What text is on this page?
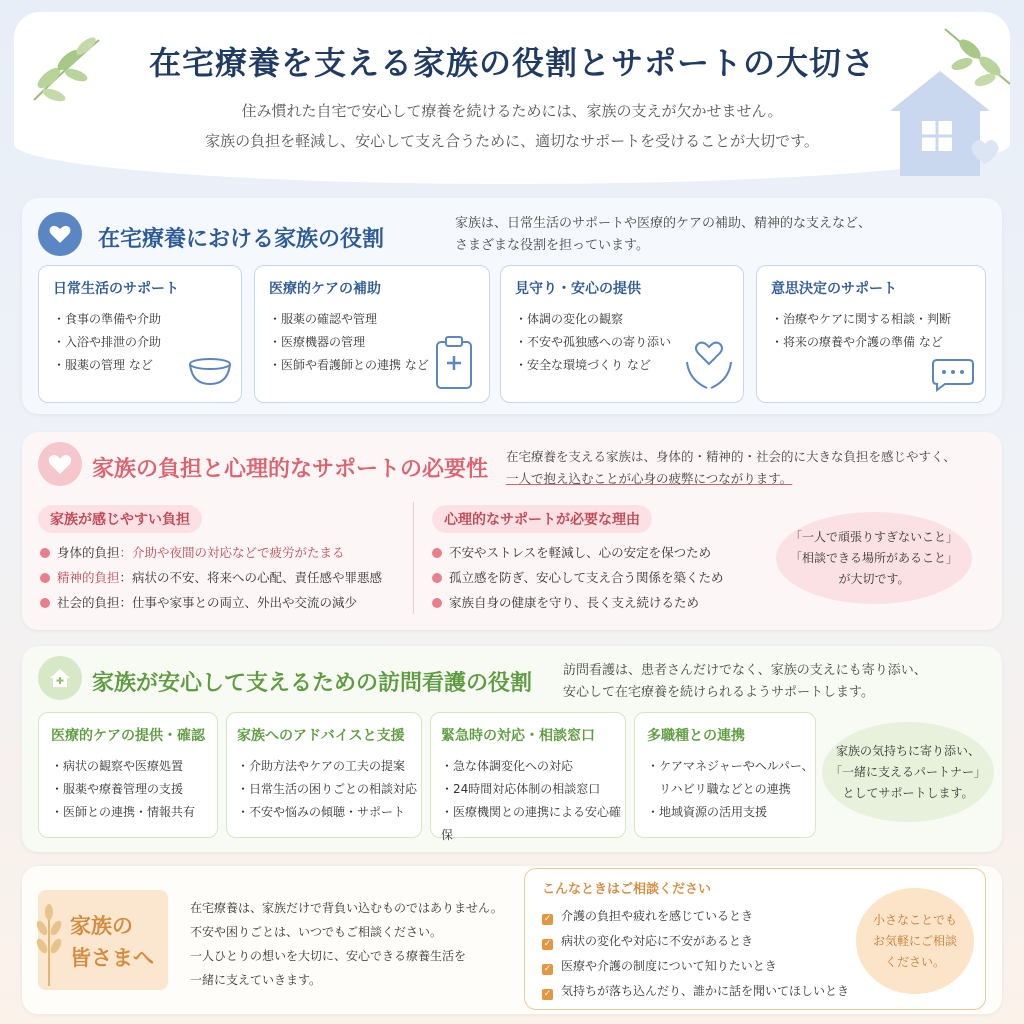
在宅療養を支える家族の役割とサポートの大切さ
住み慣れた自宅で安心して療養を続けるためには、家族の支えが欠かせません。
家族の負担を軽減し、安心して支え合うために、適切なサポートを受けることが大切です。
在宅療養における家族の役割
家族は、日常生活のサポートや医療的ケアの補助、精神的な支えなど、
さまざまな役割を担っています。
日常生活のサポート
・食事の準備や介助
・入浴や排泄の介助
・服薬の管理 など
医療的ケアの補助
・服薬の確認や管理
・医療機器の管理
・医師や看護師との連携 など
見守り・安心の提供
・体調の変化の観察
・不安や孤独感への寄り添い
・安全な環境づくり など
意思決定のサポート
・治療やケアに関する相談・判断
・将来の療養や介護の準備 など
家族の負担と心理的なサポートの必要性
在宅療養を支える家族は、身体的・精神的・社会的に大きな負担を感じやすく、
一人で抱え込むことが心身の疲弊につながります。
家族が感じやすい負担
身体的負担：介助や夜間の対応などで疲労がたまる
精神的負担：病状の不安、将来への心配、責任感や罪悪感
社会的負担：仕事や家事との両立、外出や交流の減少
心理的なサポートが必要な理由
不安やストレスを軽減し、心の安定を保つため
孤立感を防ぎ、安心して支え合う関係を築くため
家族自身の健康を守り、長く支え続けるため
「一人で頑張りすぎないこと」
「相談できる場所があること」
が大切です。
家族が安心して支えるための訪問看護の役割
訪問看護は、患者さんだけでなく、家族の支えにも寄り添い、
安心して在宅療養を続けられるようサポートします。
医療的ケアの提供・確認
・病状の観察や医療処置
・服薬や療養管理の支援
・医師との連携・情報共有
家族へのアドバイスと支援
・介助方法やケアの工夫の提案
・日常生活の困りごとの相談対応
・不安や悩みの傾聴・サポート
緊急時の対応・相談窓口
・急な体調変化への対応
・24時間対応体制の相談窓口
・医療機関との連携による安心確保
多職種との連携
・ケアマネジャーやヘルパー、
　リハビリ職などとの連携
・地域資源の活用支援
家族の気持ちに寄り添い、
「一緒に支えるパートナー」
としてサポートします。
家族の
皆さまへ
在宅療養は、家族だけで背負い込むものではありません。
不安や困りごとは、いつでもご相談ください。
一人ひとりの想いを大切に、安心できる療養生活を
一緒に支えていきます。
こんなときはご相談ください
✓ 介護の負担や疲れを感じているとき
✓ 病状の変化や対応に不安があるとき
✓ 医療や介護の制度について知りたいとき
✓ 気持ちが落ち込んだり、誰かに話を聞いてほしいとき
小さなことでも
お気軽にご相談
ください。
